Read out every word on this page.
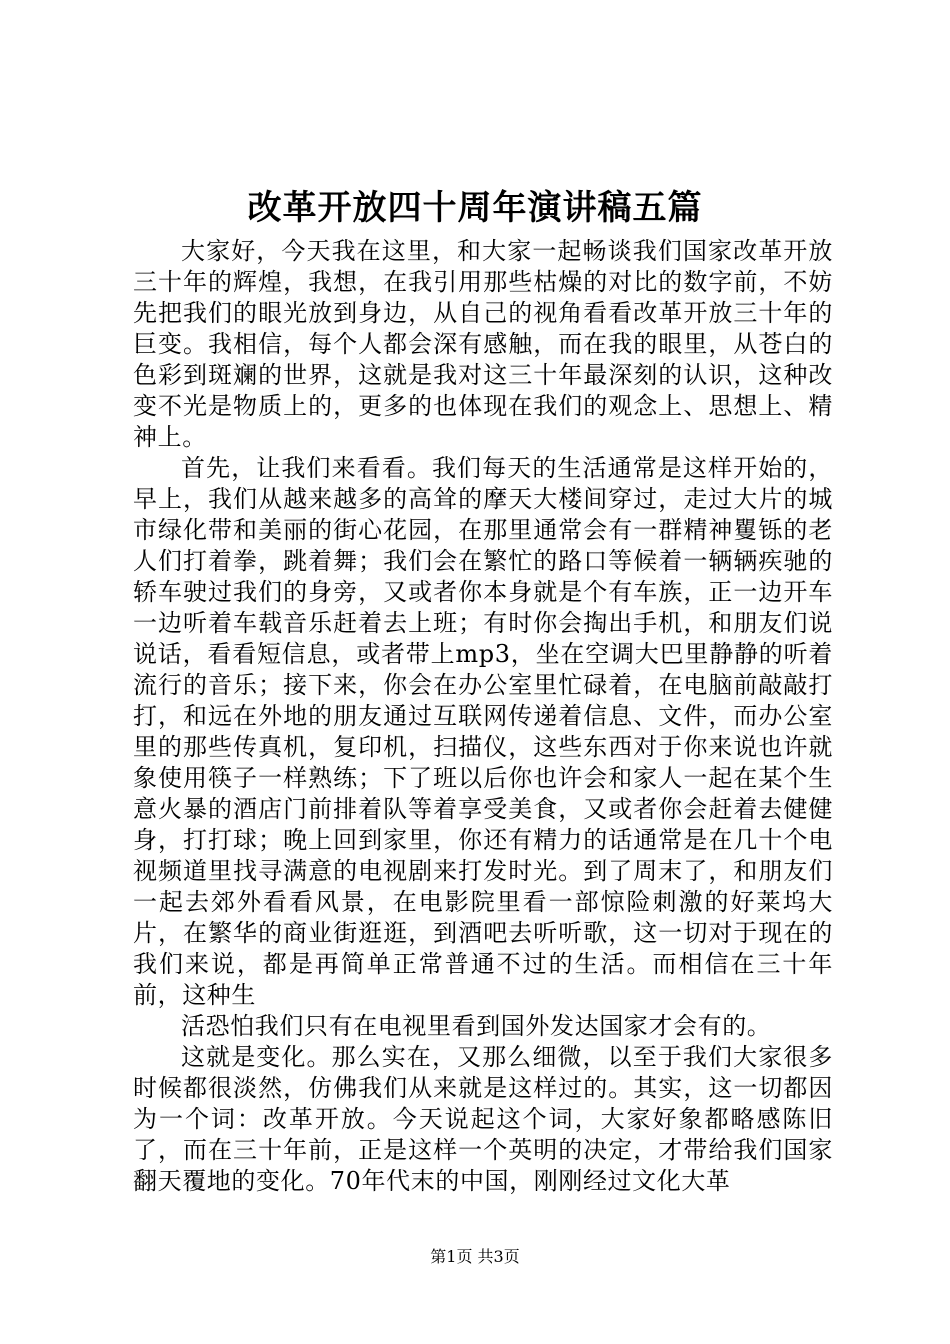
改革开放四十周年演讲稿五篇

大家好，今天我在这里，和大家一起畅谈我们国家改革开放三十年的辉煌，我想，在我引用那些枯燥的对比的数字前，不妨先把我们的眼光放到身边，从自己的视角看看改革开放三十年的巨变。我相信，每个人都会深有感触，而在我的眼里，从苍白的色彩到斑斓的世界，这就是我对这三十年最深刻的认识，这种改变不光是物质上的，更多的也体现在我们的观念上、思想上、精神上。

首先，让我们来看看。我们每天的生活通常是这样开始的，早上，我们从越来越多的高耸的摩天大楼间穿过，走过大片的城市绿化带和美丽的街心花园，在那里通常会有一群精神矍铄的老人们打着拳，跳着舞；我们会在繁忙的路口等候着一辆辆疾驰的轿车驶过我们的身旁，又或者你本身就是个有车族，正一边开车一边听着车载音乐赶着去上班；有时你会掏出手机，和朋友们说说话，看看短信息，或者带上mp3，坐在空调大巴里静静的听着流行的音乐；接下来，你会在办公室里忙碌着，在电脑前敲敲打打，和远在外地的朋友通过互联网传递着信息、文件，而办公室里的那些传真机，复印机，扫描仪，这些东西对于你来说也许就象使用筷子一样熟练；下了班以后你也许会和家人一起在某个生意火暴的酒店门前排着队等着享受美食，又或者你会赶着去健健身，打打球；晚上回到家里，你还有精力的话通常是在几十个电视频道里找寻满意的电视剧来打发时光。到了周末了，和朋友们一起去郊外看看风景，在电影院里看一部惊险刺激的好莱坞大片，在繁华的商业街逛逛，到酒吧去听听歌，这一切对于现在的我们来说，都是再简单正常普通不过的生活。而相信在三十年前，这种生

活恐怕我们只有在电视里看到国外发达国家才会有的。

这就是变化。那么实在，又那么细微，以至于我们大家很多时候都很淡然，仿佛我们从来就是这样过的。其实，这一切都因为一个词：改革开放。今天说起这个词，大家好象都略感陈旧了，而在三十年前，正是这样一个英明的决定，才带给我们国家翻天覆地的变化。70年代末的中国，刚刚经过文化大革

第1页 共3页
